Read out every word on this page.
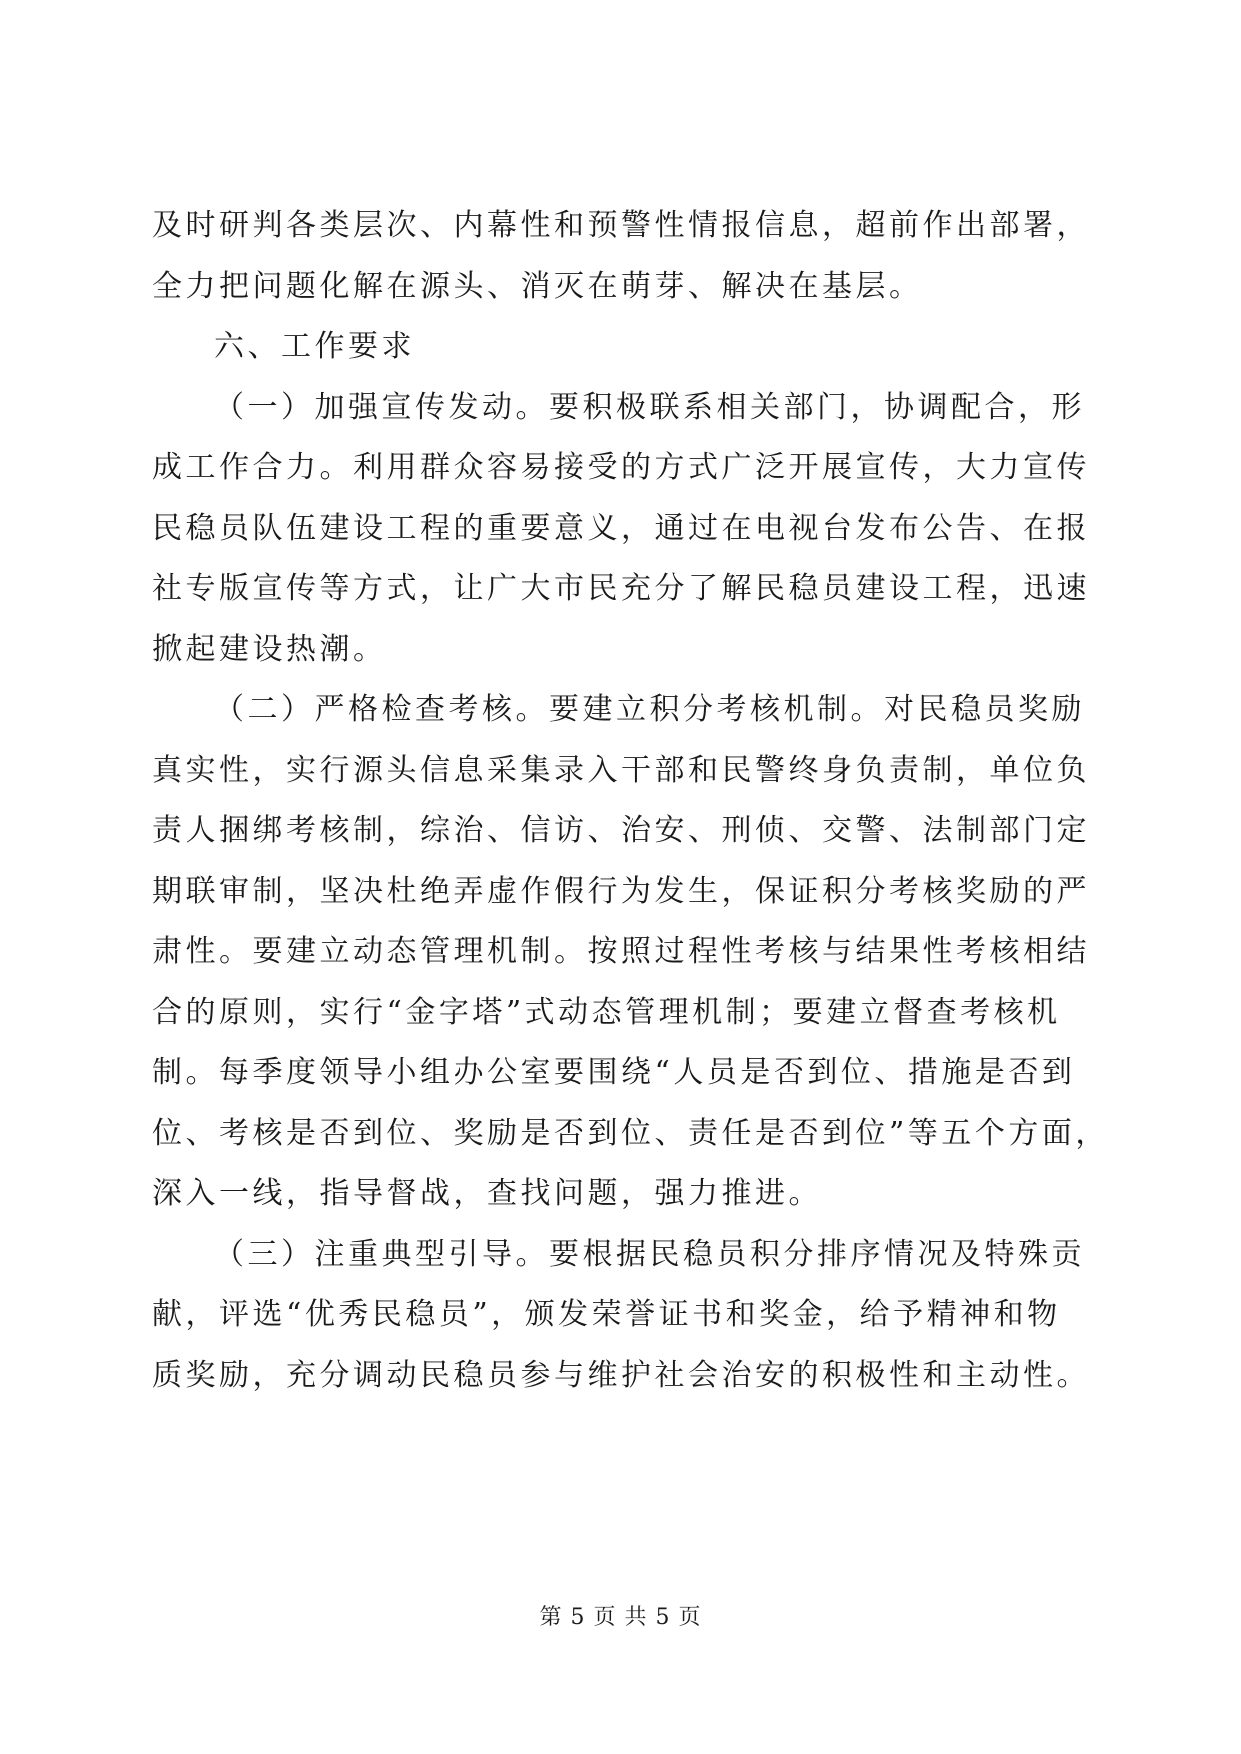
及时研判各类层次、内幕性和预警性情报信息，超前作出部署，
全力把问题化解在源头、消灭在萌芽、解决在基层。
六、工作要求
（一）加强宣传发动。要积极联系相关部门，协调配合，形
成工作合力。利用群众容易接受的方式广泛开展宣传，大力宣传
民稳员队伍建设工程的重要意义，通过在电视台发布公告、在报
社专版宣传等方式，让广大市民充分了解民稳员建设工程，迅速
掀起建设热潮。
（二）严格检查考核。要建立积分考核机制。对民稳员奖励
真实性，实行源头信息采集录入干部和民警终身负责制，单位负
责人捆绑考核制，综治、信访、治安、刑侦、交警、法制部门定
期联审制，坚决杜绝弄虚作假行为发生，保证积分考核奖励的严
肃性。要建立动态管理机制。按照过程性考核与结果性考核相结
合的原则，实行“金字塔”式动态管理机制；要建立督查考核机
制。每季度领导小组办公室要围绕“人员是否到位、措施是否到
位、考核是否到位、奖励是否到位、责任是否到位”等五个方面，
深入一线，指导督战，查找问题，强力推进。
（三）注重典型引导。要根据民稳员积分排序情况及特殊贡
献，评选“优秀民稳员”，颁发荣誉证书和奖金，给予精神和物
质奖励，充分调动民稳员参与维护社会治安的积极性和主动性。
第 5 页 共 5 页
